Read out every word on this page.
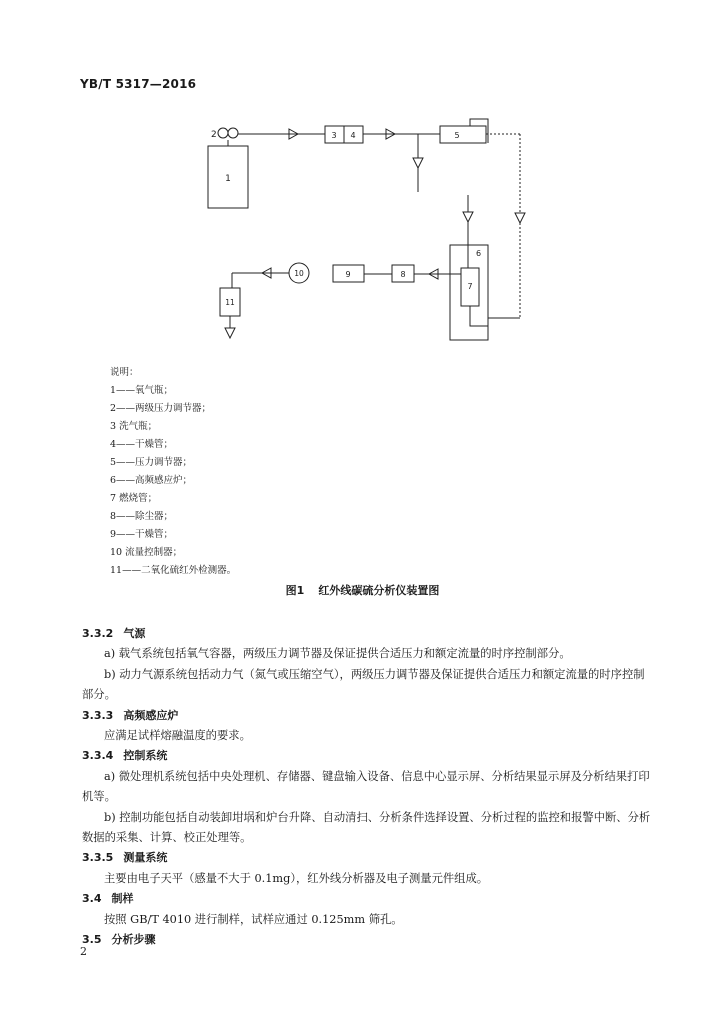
YB/T 5317—2016
1
2	3 4	5
6
7
8
9
10
11
说明：
1——氧气瓶；
2——两级压力调节器；
3 洗气瓶；
4——干燥管；
5——压力调节器；
6——高频感应炉；
7 燃烧管；
8——除尘器；
9——干燥管；
10 流量控制器；
11——二氧化硫红外检测器。
图1 红外线碳硫分析仪装置图

3.3.2 气源

a) 载气系统包括氧气容器，两级压力调节器及保证提供合适压力和额定流量的时序控制部分。

b) 动力气源系统包括动力气（氮气或压缩空气），两级压力调节器及保证提供合适压力和额定流量的时序控制部分。

3.3.3 高频感应炉

应满足试样熔融温度的要求。

3.3.4 控制系统

a) 微处理机系统包括中央处理机、存储器、键盘输入设备、信息中心显示屏、分析结果显示屏及分析结果打印机等。

b) 控制功能包括自动装卸坩埚和炉台升降、自动清扫、分析条件选择设置、分析过程的监控和报警中断、分析数据的采集、计算、校正处理等。

3.3.5 测量系统

主要由电子天平（感量不大于 0.1mg），红外线分析器及电子测量元件组成。

3.4 制样

按照 GB/T 4010 进行制样，试样应通过 0.125mm 筛孔。

3.5 分析步骤

2
